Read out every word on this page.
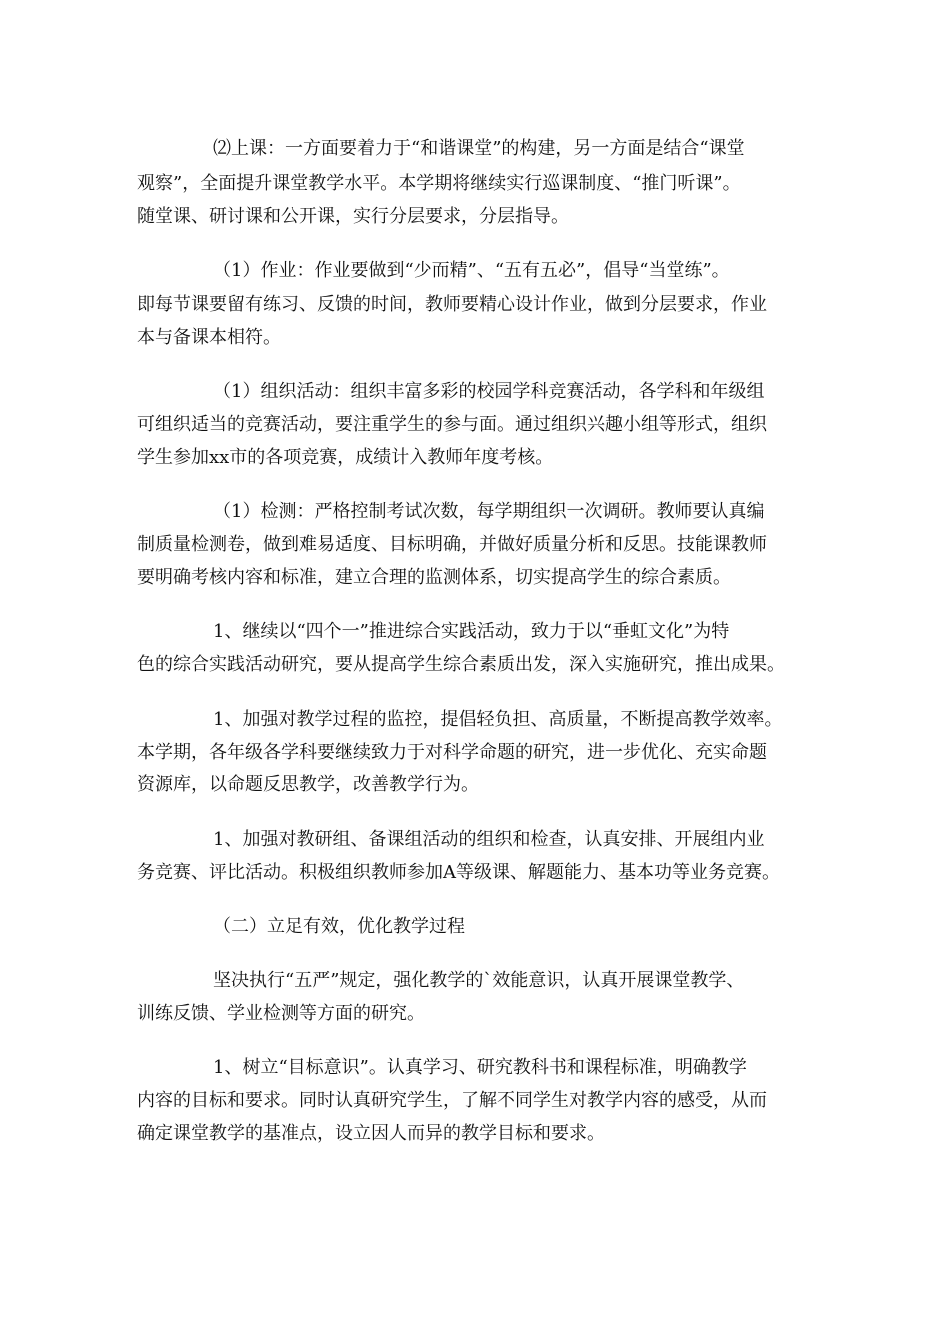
⑵上课：一方面要着力于“和谐课堂”的构建，另一方面是结合“课堂
观察”，全面提升课堂教学水平。本学期将继续实行巡课制度、“推门听课”。
随堂课、研讨课和公开课，实行分层要求，分层指导。
（1）作业：作业要做到“少而精”、“五有五必”，倡导“当堂练”。
即每节课要留有练习、反馈的时间，教师要精心设计作业，做到分层要求，作业
本与备课本相符。
（1）组织活动：组织丰富多彩的校园学科竞赛活动，各学科和年级组
可组织适当的竞赛活动，要注重学生的参与面。通过组织兴趣小组等形式，组织
学生参加xx市的各项竞赛，成绩计入教师年度考核。
（1）检测：严格控制考试次数，每学期组织一次调研。教师要认真编
制质量检测卷，做到难易适度、目标明确，并做好质量分析和反思。技能课教师
要明确考核内容和标准，建立合理的监测体系，切实提高学生的综合素质。
1、继续以“四个一”推进综合实践活动，致力于以“垂虹文化”为特
色的综合实践活动研究，要从提高学生综合素质出发，深入实施研究，推出成果。
1、加强对教学过程的监控，提倡轻负担、高质量，不断提高教学效率。
本学期，各年级各学科要继续致力于对科学命题的研究，进一步优化、充实命题
资源库，以命题反思教学，改善教学行为。
1、加强对教研组、备课组活动的组织和检查，认真安排、开展组内业
务竞赛、评比活动。积极组织教师参加A等级课、解题能力、基本功等业务竞赛。
（二）立足有效，优化教学过程
坚决执行“五严”规定，强化教学的`效能意识，认真开展课堂教学、
训练反馈、学业检测等方面的研究。
1、树立“目标意识”。认真学习、研究教科书和课程标准，明确教学
内容的目标和要求。同时认真研究学生，了解不同学生对教学内容的感受，从而
确定课堂教学的基准点，设立因人而异的教学目标和要求。
